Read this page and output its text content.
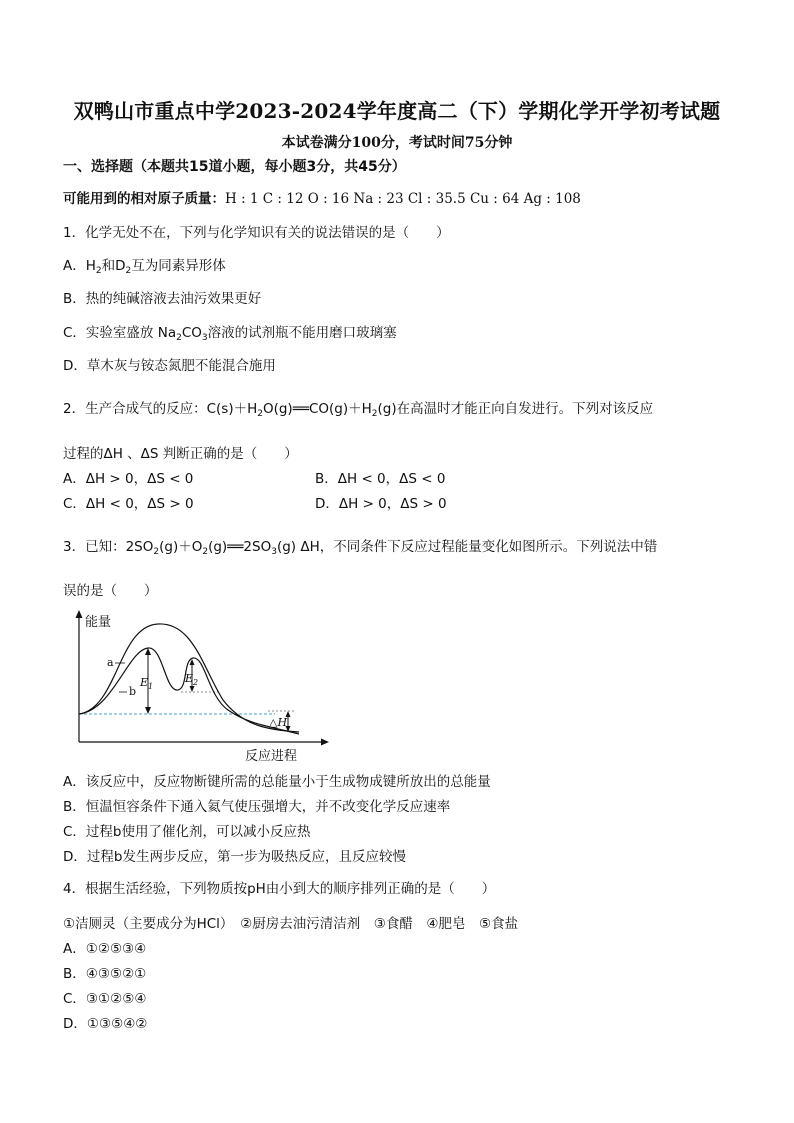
双鸭山市重点中学2023-2024学年度高二（下）学期化学开学初考试题
本试卷满分100分，考试时间75分钟
一、选择题（本题共15道小题，每小题3分，共45分）
可能用到的相对原子质量：H : 1 C : 12 O : 16 Na : 23 Cl : 35.5 Cu : 64 Ag : 108
1．化学无处不在，下列与化学知识有关的说法错误的是（　　）
A．$H_2$和$D_2$互为同素异形体
B．热的纯碱溶液去油污效果更好
C．实验室盛放 $Na_2CO_3$溶液的试剂瓶不能用磨口玻璃塞
D．草木灰与铵态氮肥不能混合施用
2．生产合成气的反应：$C(s)+H_2O(g)══CO(g)+H_2(g)$在高温时才能正向自发进行。下列对该反应
过程的ΔH 、ΔS 判断正确的是（　　）
A．ΔH > 0，ΔS < 0	B．ΔH < 0，ΔS < 0
C．ΔH < 0，ΔS > 0	D．ΔH > 0，ΔS > 0
3．已知：$2SO_2(g)+O_2(g)══2SO_3(g)$ ΔH，不同条件下反应过程能量变化如图所示。下列说法中错
误的是（　　）
能量
反应进程
a
b
$E_1$
$E_2$
△H
A．该反应中，反应物断键所需的总能量小于生成物成键所放出的总能量
B．恒温恒容条件下通入氦气使压强增大，并不改变化学反应速率
C．过程b使用了催化剂，可以减小反应热
D．过程b发生两步反应，第一步为吸热反应，且反应较慢
4．根据生活经验，下列物质按pH由小到大的顺序排列正确的是（　　）
①洁厕灵（主要成分为HCl）　②厨房去油污清洁剂　③食醋　④肥皂　⑤食盐
A．①②⑤③④
B．④③⑤②①
C．③①②⑤④
D．①③⑤④②
